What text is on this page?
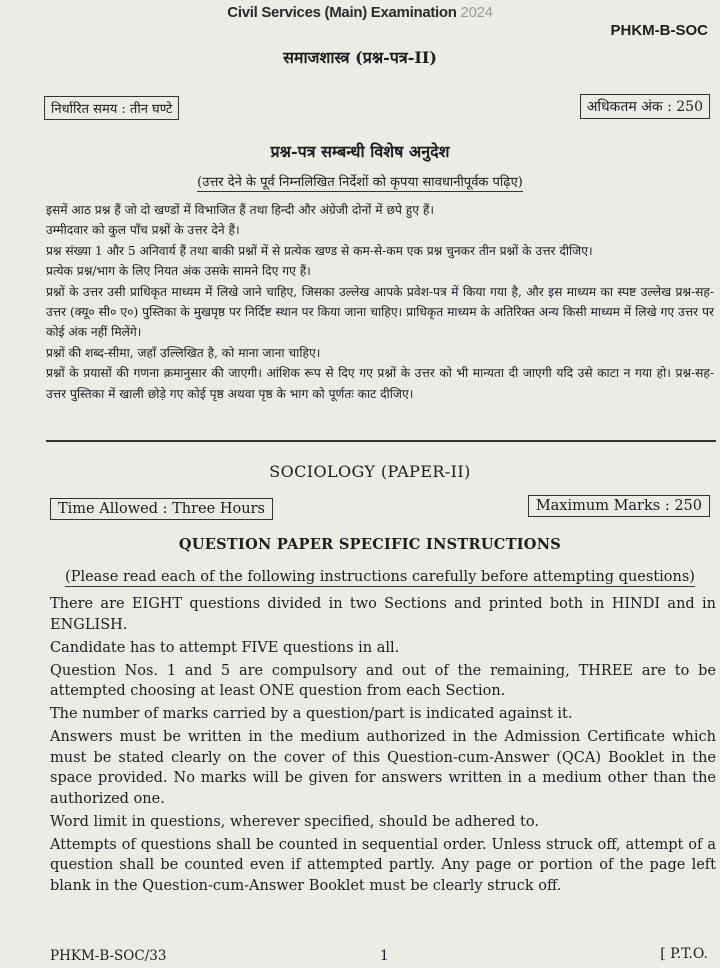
Civil Services (Main) Examination 2024
PHKM-B-SOC
समाजशास्त्र (प्रश्न-पत्र-II)
निर्धारित समय : तीन घण्टे	अधिकतम अंक : 250
प्रश्न-पत्र सम्बन्धी विशेष अनुदेश
(उत्तर देने के पूर्व निम्नलिखित निर्देशों को कृपया सावधानीपूर्वक पढ़िए)

इसमें आठ प्रश्न हैं जो दो खण्डों में विभाजित हैं तथा हिन्दी और अंग्रेजी दोनों में छपे हुए हैं।

उम्मीदवार को कुल पाँच प्रश्नों के उत्तर देने हैं।

प्रश्न संख्या 1 और 5 अनिवार्य हैं तथा बाकी प्रश्नों में से प्रत्येक खण्ड से कम-से-कम एक प्रश्न चुनकर तीन प्रश्नों के उत्तर दीजिए।

प्रत्येक प्रश्न/भाग के लिए नियत अंक उसके सामने दिए गए हैं।

प्रश्नों के उत्तर उसी प्राधिकृत माध्यम में लिखे जाने चाहिए, जिसका उल्लेख आपके प्रवेश-पत्र में किया गया है, और इस माध्यम का स्पष्ट उल्लेख प्रश्न-सह-उत्तर (क्यू० सी० ए०) पुस्तिका के मुखपृष्ठ पर निर्दिष्ट स्थान पर किया जाना चाहिए। प्राधिकृत माध्यम के अतिरिक्त अन्य किसी माध्यम में लिखे गए उत्तर पर कोई अंक नहीं मिलेंगे।

प्रश्नों की शब्द-सीमा, जहाँ उल्लिखित है, को माना जाना चाहिए।

प्रश्नों के प्रयासों की गणना क्रमानुसार की जाएगी। आंशिक रूप से दिए गए प्रश्नों के उत्तर को भी मान्यता दी जाएगी यदि उसे काटा न गया हो। प्रश्न-सह-उत्तर पुस्तिका में खाली छोड़े गए कोई पृष्ठ अथवा पृष्ठ के भाग को पूर्णतः काट दीजिए।

SOCIOLOGY (PAPER-II)
Time Allowed : Three Hours	Maximum Marks : 250
QUESTION PAPER SPECIFIC INSTRUCTIONS
(Please read each of the following instructions carefully before attempting questions)

There are EIGHT questions divided in two Sections and printed both in HINDI and in ENGLISH.

Candidate has to attempt FIVE questions in all.

Question Nos. 1 and 5 are compulsory and out of the remaining, THREE are to be attempted choosing at least ONE question from each Section.

The number of marks carried by a question/part is indicated against it.

Answers must be written in the medium authorized in the Admission Certificate which must be stated clearly on the cover of this Question-cum-Answer (QCA) Booklet in the space provided. No marks will be given for answers written in a medium other than the authorized one.

Word limit in questions, wherever specified, should be adhered to.

Attempts of questions shall be counted in sequential order. Unless struck off, attempt of a question shall be counted even if attempted partly. Any page or portion of the page left blank in the Question-cum-Answer Booklet must be clearly struck off.

PHKM-B-SOC/33	1	[ P.T.O.
